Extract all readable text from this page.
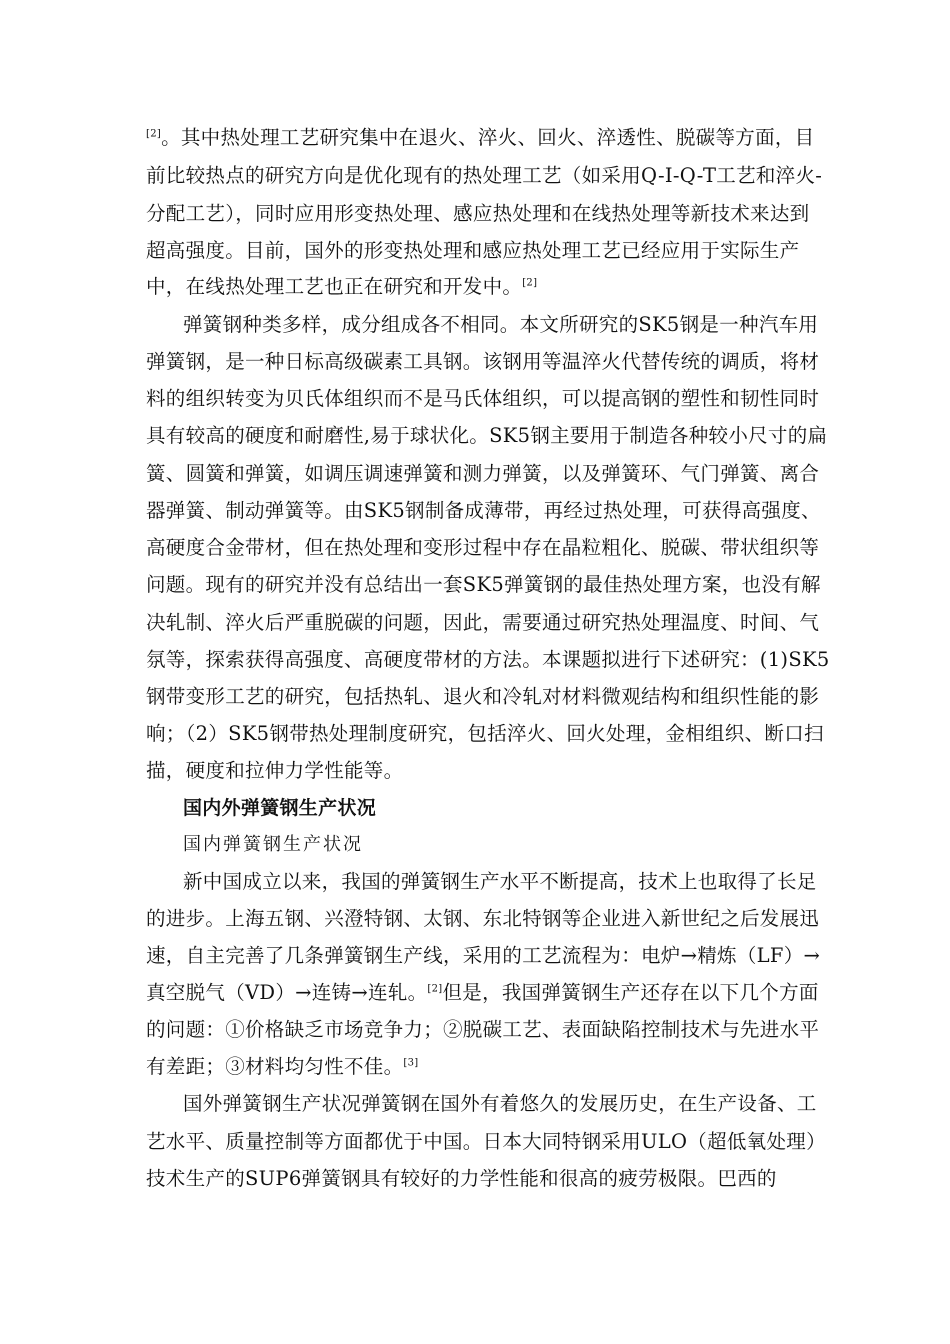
[2]。其中热处理工艺研究集中在退火、淬火、回火、淬透性、脱碳等方面，目
前比较热点的研究方向是优化现有的热处理工艺（如采用Q-I-Q-T工艺和淬火-
分配工艺），同时应用形变热处理、感应热处理和在线热处理等新技术来达到
超高强度。目前，国外的形变热处理和感应热处理工艺已经应用于实际生产
中，在线热处理工艺也正在研究和开发中。[2]
弹簧钢种类多样，成分组成各不相同。本文所研究的SK5钢是一种汽车用
弹簧钢，是一种日标高级碳素工具钢。该钢用等温淬火代替传统的调质，将材
料的组织转变为贝氏体组织而不是马氏体组织，可以提高钢的塑性和韧性同时
具有较高的硬度和耐磨性,易于球状化。SK5钢主要用于制造各种较小尺寸的扁
簧、圆簧和弹簧，如调压调速弹簧和测力弹簧，以及弹簧环、气门弹簧、离合
器弹簧、制动弹簧等。由SK5钢制备成薄带，再经过热处理，可获得高强度、
高硬度合金带材，但在热处理和变形过程中存在晶粒粗化、脱碳、带状组织等
问题。现有的研究并没有总结出一套SK5弹簧钢的最佳热处理方案，也没有解
决轧制、淬火后严重脱碳的问题，因此，需要通过研究热处理温度、时间、气
氛等，探索获得高强度、高硬度带材的方法。本课题拟进行下述研究：(1)SK5
钢带变形工艺的研究，包括热轧、退火和冷轧对材料微观结构和组织性能的影
响；（2）SK5钢带热处理制度研究，包括淬火、回火处理，金相组织、断口扫
描，硬度和拉伸力学性能等。
国内外弹簧钢生产状况
国内弹簧钢生产状况
新中国成立以来，我国的弹簧钢生产水平不断提高，技术上也取得了长足
的进步。上海五钢、兴澄特钢、太钢、东北特钢等企业进入新世纪之后发展迅
速，自主完善了几条弹簧钢生产线，采用的工艺流程为：电炉→精炼（LF）→
真空脱气（VD）→连铸→连轧。[2]但是，我国弹簧钢生产还存在以下几个方面
的问题：①价格缺乏市场竞争力；②脱碳工艺、表面缺陷控制技术与先进水平
有差距；③材料均匀性不佳。[3]
国外弹簧钢生产状况弹簧钢在国外有着悠久的发展历史，在生产设备、工
艺水平、质量控制等方面都优于中国。日本大同特钢采用ULO（超低氧处理）
技术生产的SUP6弹簧钢具有较好的力学性能和很高的疲劳极限。巴西的
